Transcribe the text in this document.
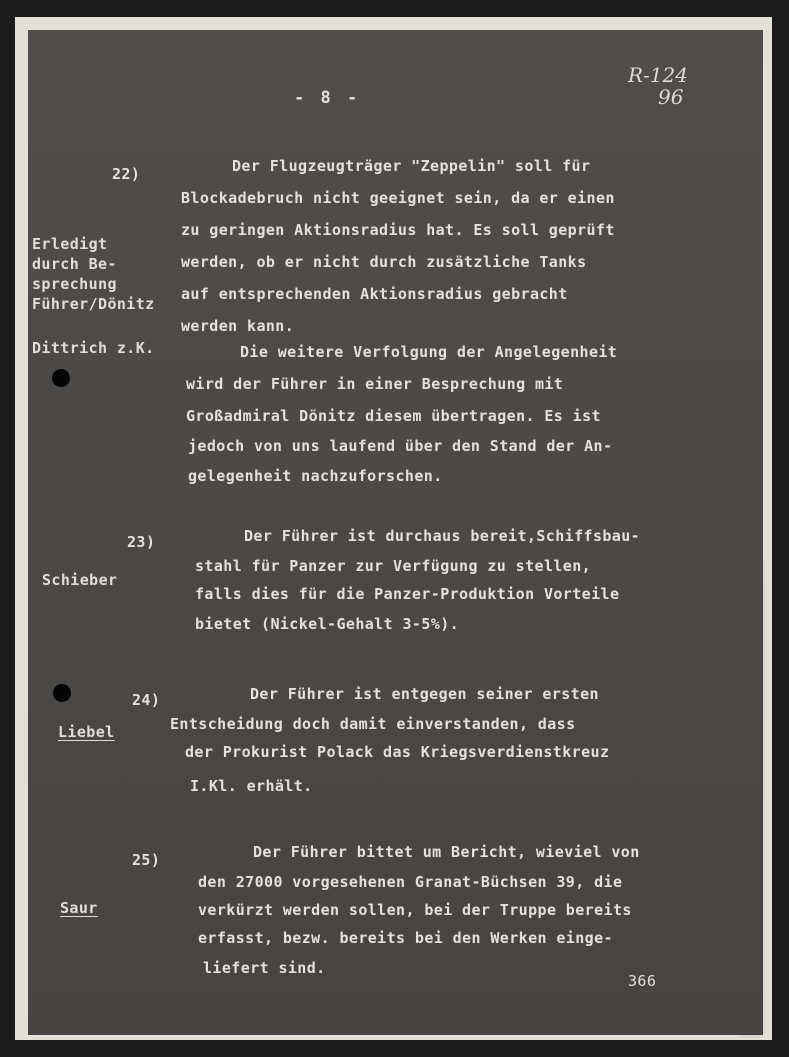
- 8 -
R-124
96
22)	Der Flugzeugträger "Zeppelin" soll für
Blockadebruch nicht geeignet sein, da er einen
zu geringen Aktionsradius hat. Es soll geprüft
werden, ob er nicht durch zusätzliche Tanks
auf entsprechenden Aktionsradius gebracht
werden kann.
Die weitere Verfolgung der Angelegenheit
wird der Führer in einer Besprechung mit
Großadmiral Dönitz diesem übertragen. Es ist
jedoch von uns laufend über den Stand der An-
gelegenheit nachzuforschen.
Erledigt
durch Be-
sprechung
Führer/Dönitz
Dittrich z.K.
23)	Der Führer ist durchaus bereit,Schiffsbau-
stahl für Panzer zur Verfügung zu stellen,
falls dies für die Panzer-Produktion Vorteile
bietet (Nickel-Gehalt 3-5%).
Schieber
24)	Der Führer ist entgegen seiner ersten
Entscheidung doch damit einverstanden, dass
der Prokurist Polack das Kriegsverdienstkreuz
I.Kl. erhält.
Liebel
25)	Der Führer bittet um Bericht, wieviel von
den 27000 vorgesehenen Granat-Büchsen 39, die
verkürzt werden sollen, bei der Truppe bereits
erfasst, bezw. bereits bei den Werken einge-
liefert sind.
Saur
366
